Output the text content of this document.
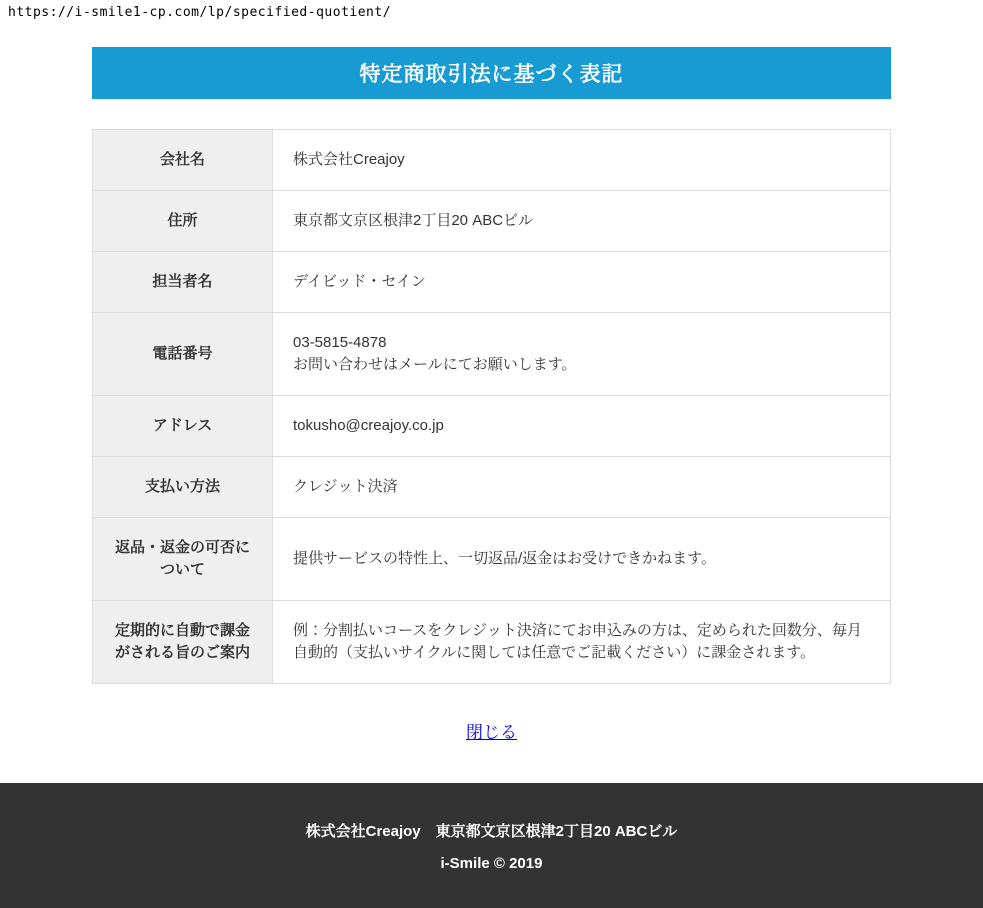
https://i-smile1-cp.com/lp/specified-quotient/
特定商取引法に基づく表記
会社名	株式会社Creajoy

住所	東京都文京区根津2丁目20 ABCビル

担当者名	デイビッド・セイン

電話番号	03-5815-4878
お問い合わせはメールにてお願いします。

アドレス	tokusho@creajoy.co.jp

支払い方法	クレジット決済

返品・返金の可否について	提供サービスの特性上、一切返品/返金はお受けできかねます。

定期的に自動で課金がされる旨のご案内	例：分割払いコースをクレジット決済にてお申込みの方は、定められた回数分、毎月自動的（支払いサイクルに関しては任意でご記載ください）に課金されます。
閉じる

株式会社Creajoy　東京都文京区根津2丁目20 ABCビル

i-Smile © 2019
